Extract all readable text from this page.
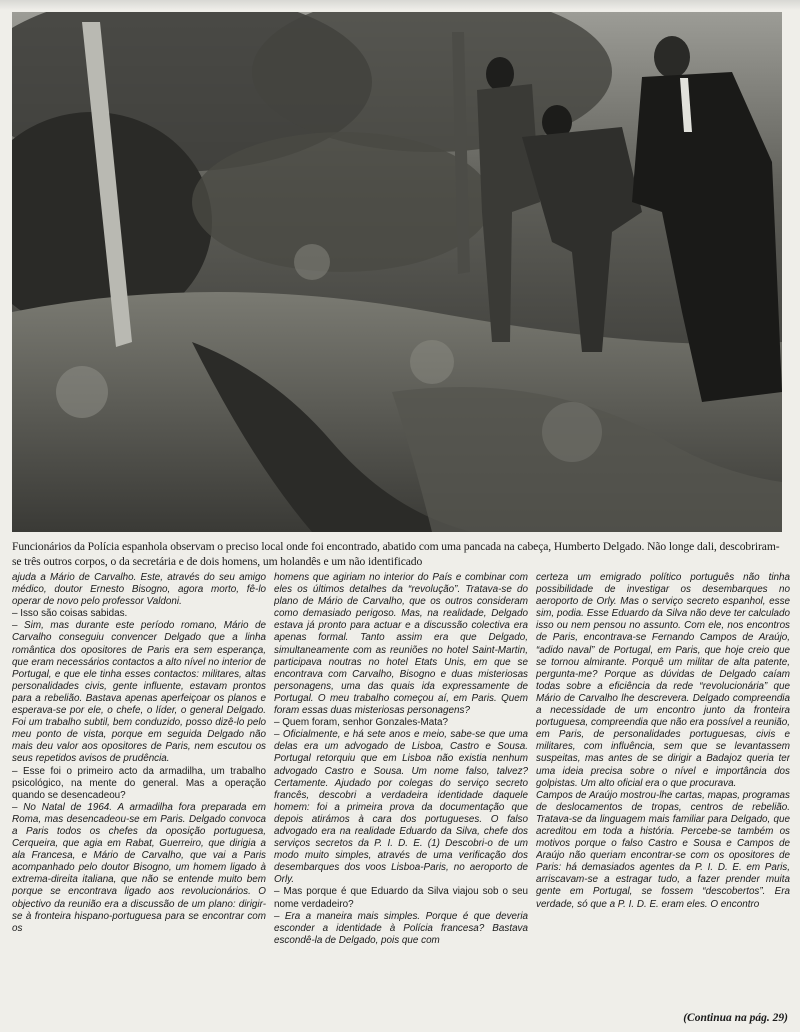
Funcionários da Polícia espanhola observam o preciso local onde foi encontrado, abatido com uma pancada na cabeça, Humberto Delgado. Não longe dali, descobriram-se três outros corpos, o da secretária e de dois homens, um holandês e um não identificado

ajuda a Mário de Carvalho. Este, através do seu amigo médico, doutor Ernesto Bisogno, agora morto, fê-lo operar de novo pelo professor Valdoni.

– Isso são coisas sabidas.

– Sim, mas durante este período romano, Mário de Carvalho conseguiu convencer Delgado que a linha romântica dos opositores de Paris era sem esperança, que eram necessários contactos a alto nível no interior de Portugal, e que ele tinha esses contactos: militares, altas personalidades civis, gente influente, estavam prontos para a rebelião. Bastava apenas aperfeiçoar os planos e esperava-se por ele, o chefe, o líder, o general Delgado. Foi um trabalho subtil, bem conduzido, posso dizê-lo pelo meu ponto de vista, porque em seguida Delgado não mais deu valor aos opositores de Paris, nem escutou os seus repetidos avisos de prudência.

– Esse foi o primeiro acto da armadilha, um trabalho psicológico, na mente do general. Mas a operação quando se desencadeou?

– No Natal de 1964. A armadilha fora preparada em Roma, mas desencadeou-se em Paris. Delgado convoca a Paris todos os chefes da oposição portuguesa, Cerqueira, que agia em Rabat, Guerreiro, que dirigia a ala Francesa, e Mário de Carvalho, que vai a Paris acompanhado pelo doutor Bisogno, um homem ligado à extrema-direita italiana, que não se entende muito bem porque se encontrava ligado aos revolucionários. O objectivo da reunião era a discussão de um plano: dirigir-se à fronteira hispano-portuguesa para se encontrar com os

homens que agiriam no interior do País e combinar com eles os últimos detalhes da “revolução”. Tratava-se do plano de Mário de Carvalho, que os outros consideram como demasiado perigoso. Mas, na realidade, Delgado estava já pronto para actuar e a discussão colectiva era apenas formal. Tanto assim era que Delgado, simultaneamente com as reuniões no hotel Saint-Martin, participava noutras no hotel Etats Unis, em que se encontrava com Carvalho, Bisogno e duas misteriosas personagens, uma das quais ida expressamente de Portugal. O meu trabalho começou aí, em Paris. Quem foram essas duas misteriosas personagens?

– Quem foram, senhor Gonzales-Mata?

– Oficialmente, e há sete anos e meio, sabe-se que uma delas era um advogado de Lisboa, Castro e Sousa. Portugal retorquiu que em Lisboa não existia nenhum advogado Castro e Sousa. Um nome falso, talvez? Certamente. Ajudado por colegas do serviço secreto francês, descobri a verdadeira identidade daquele homem: foi a primeira prova da documentação que depois atirámos à cara dos portugueses. O falso advogado era na realidade Eduardo da Silva, chefe dos serviços secretos da P. I. D. E. (1) Descobri-o de um modo muito simples, através de uma verificação dos desembarques dos voos Lisboa-Paris, no aeroporto de Orly.

– Mas porque é que Eduardo da Silva viajou sob o seu nome verdadeiro?

– Era a maneira mais simples. Porque é que deveria esconder a identidade à Polícia francesa? Bastava escondê-la de Delgado, pois que com

certeza um emigrado político português não tinha possibilidade de investigar os desembarques no aeroporto de Orly. Mas o serviço secreto espanhol, esse sim, podia. Esse Eduardo da Silva não deve ter calculado isso ou nem pensou no assunto. Com ele, nos encontros de Paris, encontrava-se Fernando Campos de Araújo, “adido naval” de Portugal, em Paris, que hoje creio que se tornou almirante. Porquê um militar de alta patente, pergunta-me? Porque as dúvidas de Delgado caíam todas sobre a eficiência da rede “revolucionária” que Mário de Carvalho lhe descrevera. Delgado compreendia a necessidade de um encontro junto da fronteira portuguesa, compreendia que não era possível a reunião, em Paris, de personalidades portuguesas, civis e militares, com influência, sem que se levantassem suspeitas, mas antes de se dirigir a Badajoz queria ter uma ideia precisa sobre o nível e importância dos golpistas. Um alto oficial era o que procurava.

Campos de Araújo mostrou-lhe cartas, mapas, programas de deslocamentos de tropas, centros de rebelião. Tratava-se da linguagem mais familiar para Delgado, que acreditou em toda a história. Percebe-se também os motivos porque o falso Castro e Sousa e Campos de Araújo não queriam encontrar-se com os opositores de Paris: há demasiados agentes da P. I. D. E. em Paris, arriscavam-se a estragar tudo, a fazer prender muita gente em Portugal, se fossem “descobertos”. Era verdade, só que a P. I. D. E. eram eles. O encontro

(Continua na pág. 29)
